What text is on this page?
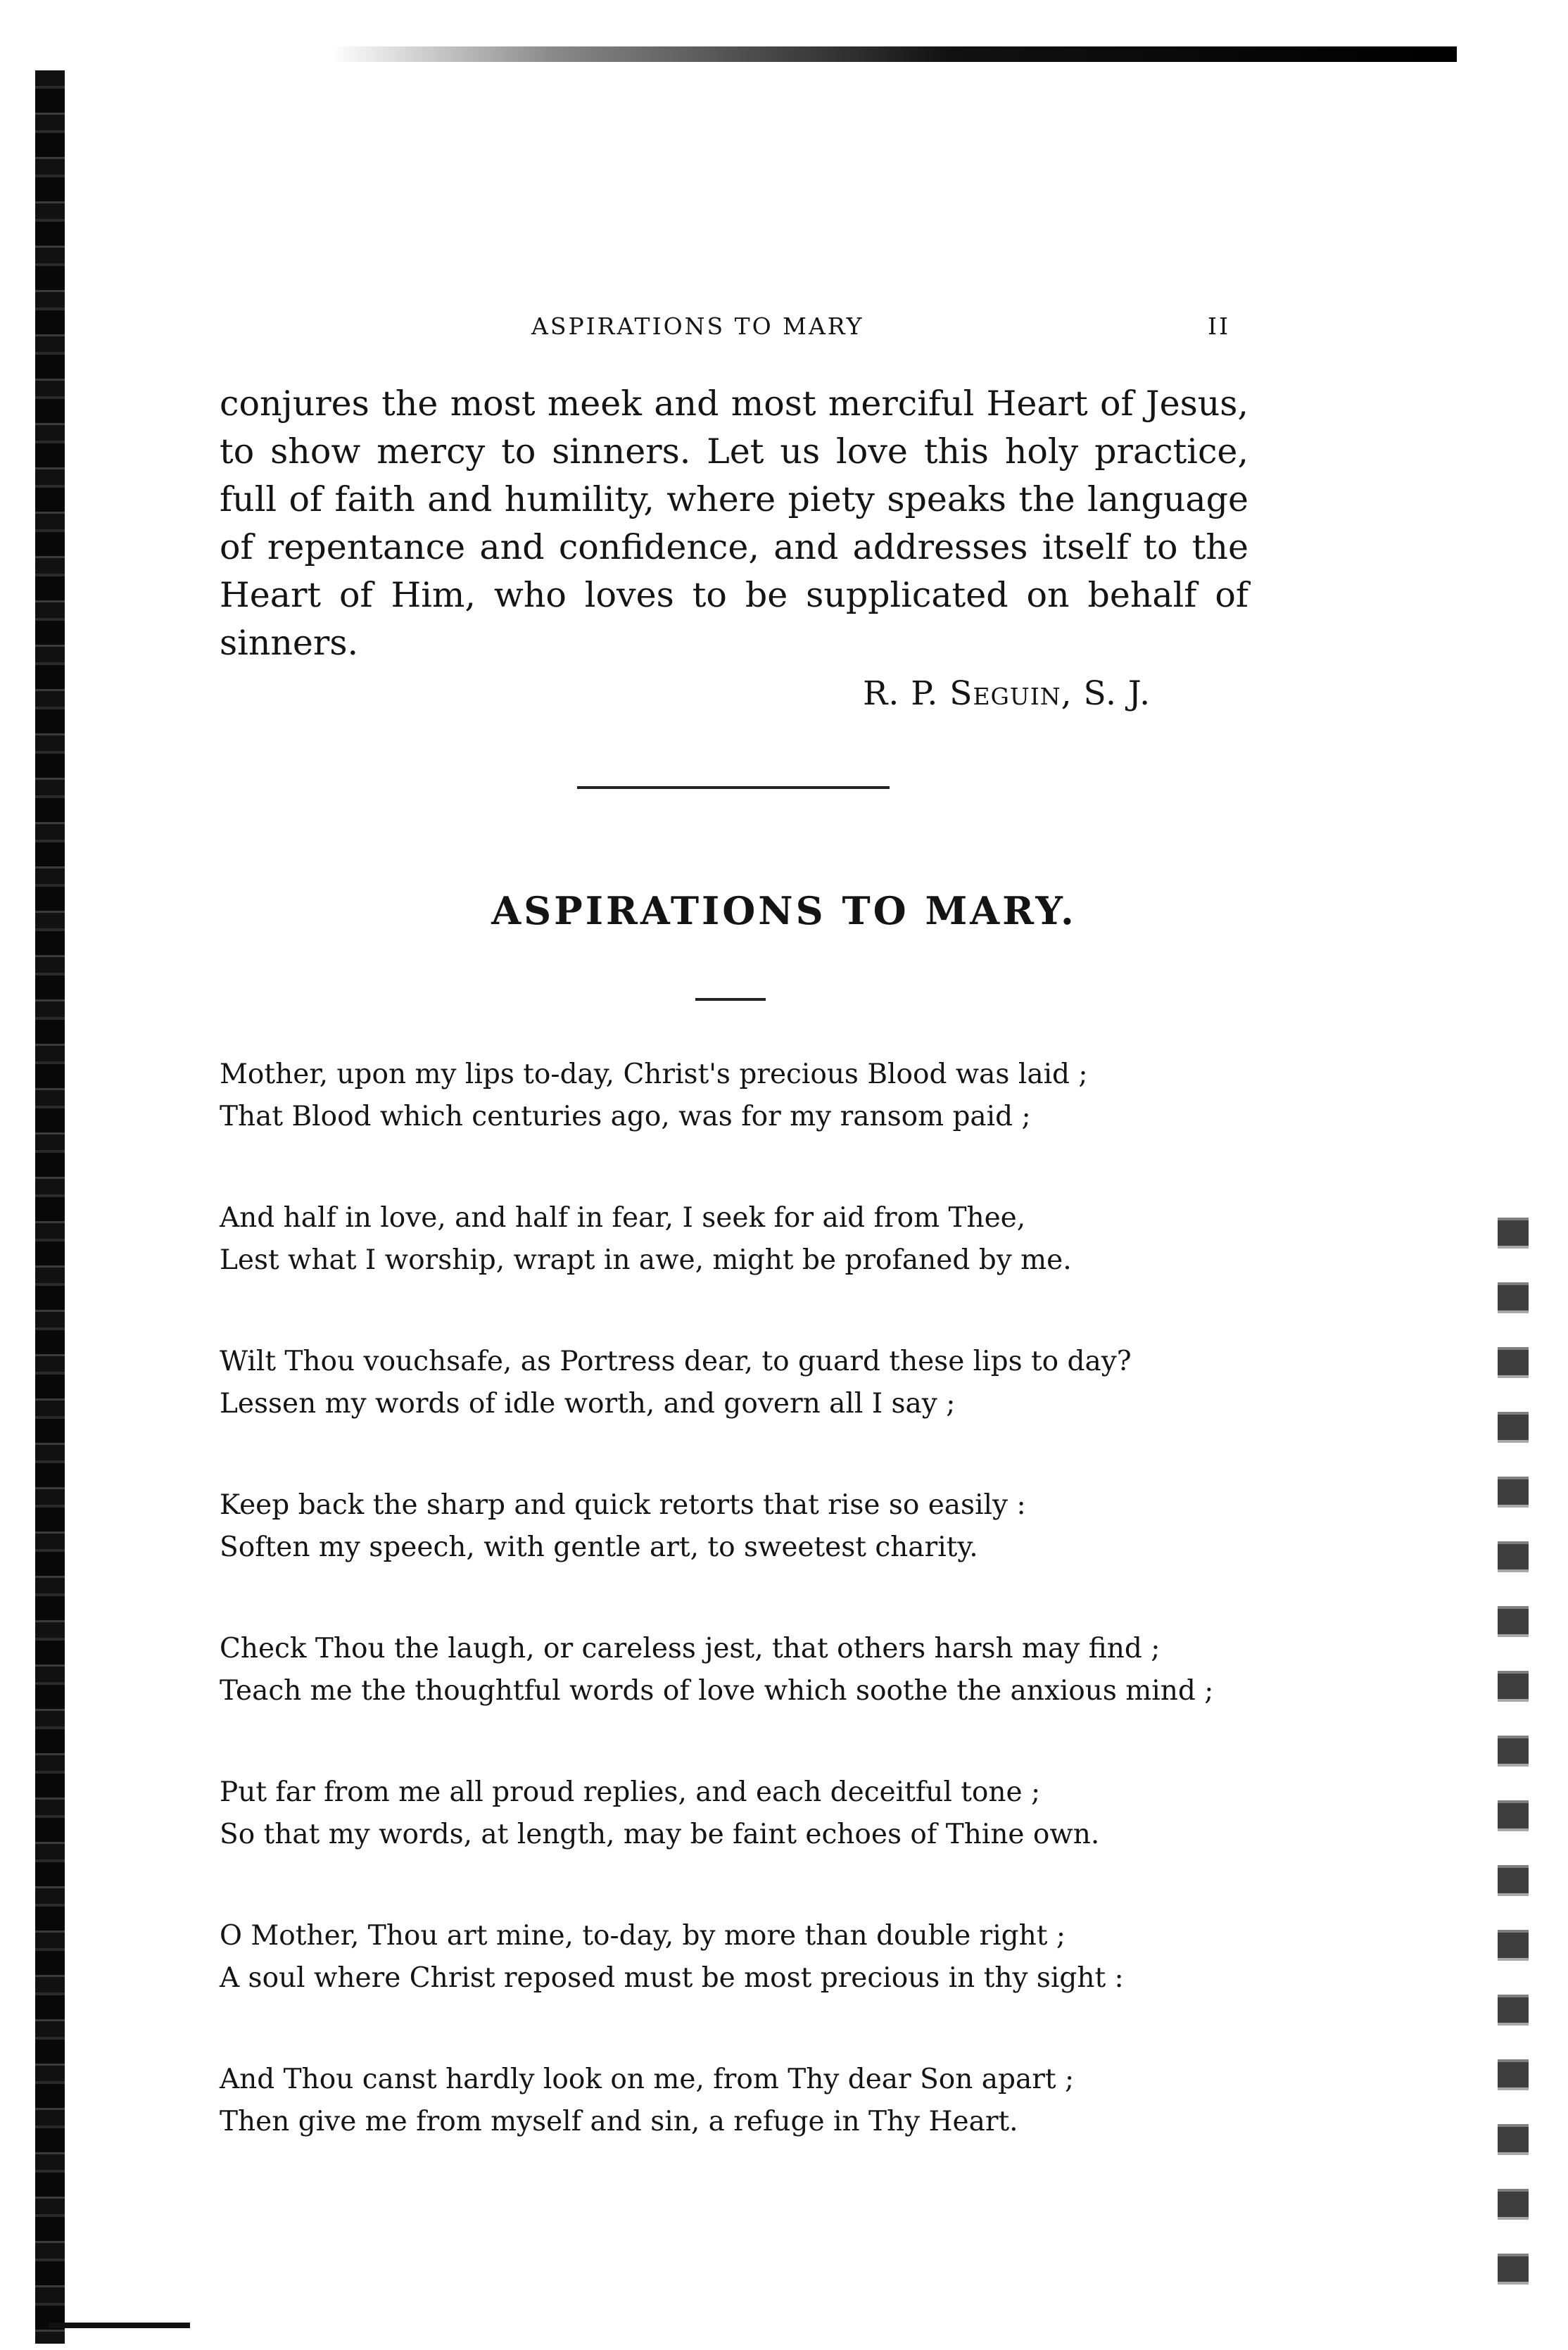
ASPIRATIONS TO MARY	II

conjures the most meek and most merciful Heart of Jesus,
to show mercy to sinners. Let us love this holy practice,
full of faith and humility, where piety speaks the language
of repentance and confidence, and addresses itself to the
Heart of Him, who loves to be supplicated on behalf of
sinners.

R. P. Seguin, S. J.
ASPIRATIONS TO MARY.

Mother, upon my lips to-day, Christ's precious Blood was laid ;
That Blood which centuries ago, was for my ransom paid ;

And half in love, and half in fear, I seek for aid from Thee,
Lest what I worship, wrapt in awe, might be profaned by me.

Wilt Thou vouchsafe, as Portress dear, to guard these lips to day?
Lessen my words of idle worth, and govern all I say ;

Keep back the sharp and quick retorts that rise so easily :
Soften my speech, with gentle art, to sweetest charity.

Check Thou the laugh, or careless jest, that others harsh may find ;
Teach me the thoughtful words of love which soothe the anxious mind ;

Put far from me all proud replies, and each deceitful tone ;
So that my words, at length, may be faint echoes of Thine own.

O Mother, Thou art mine, to-day, by more than double right ;
A soul where Christ reposed must be most precious in thy sight :

And Thou canst hardly look on me, from Thy dear Son apart ;
Then give me from myself and sin, a refuge in Thy Heart.
